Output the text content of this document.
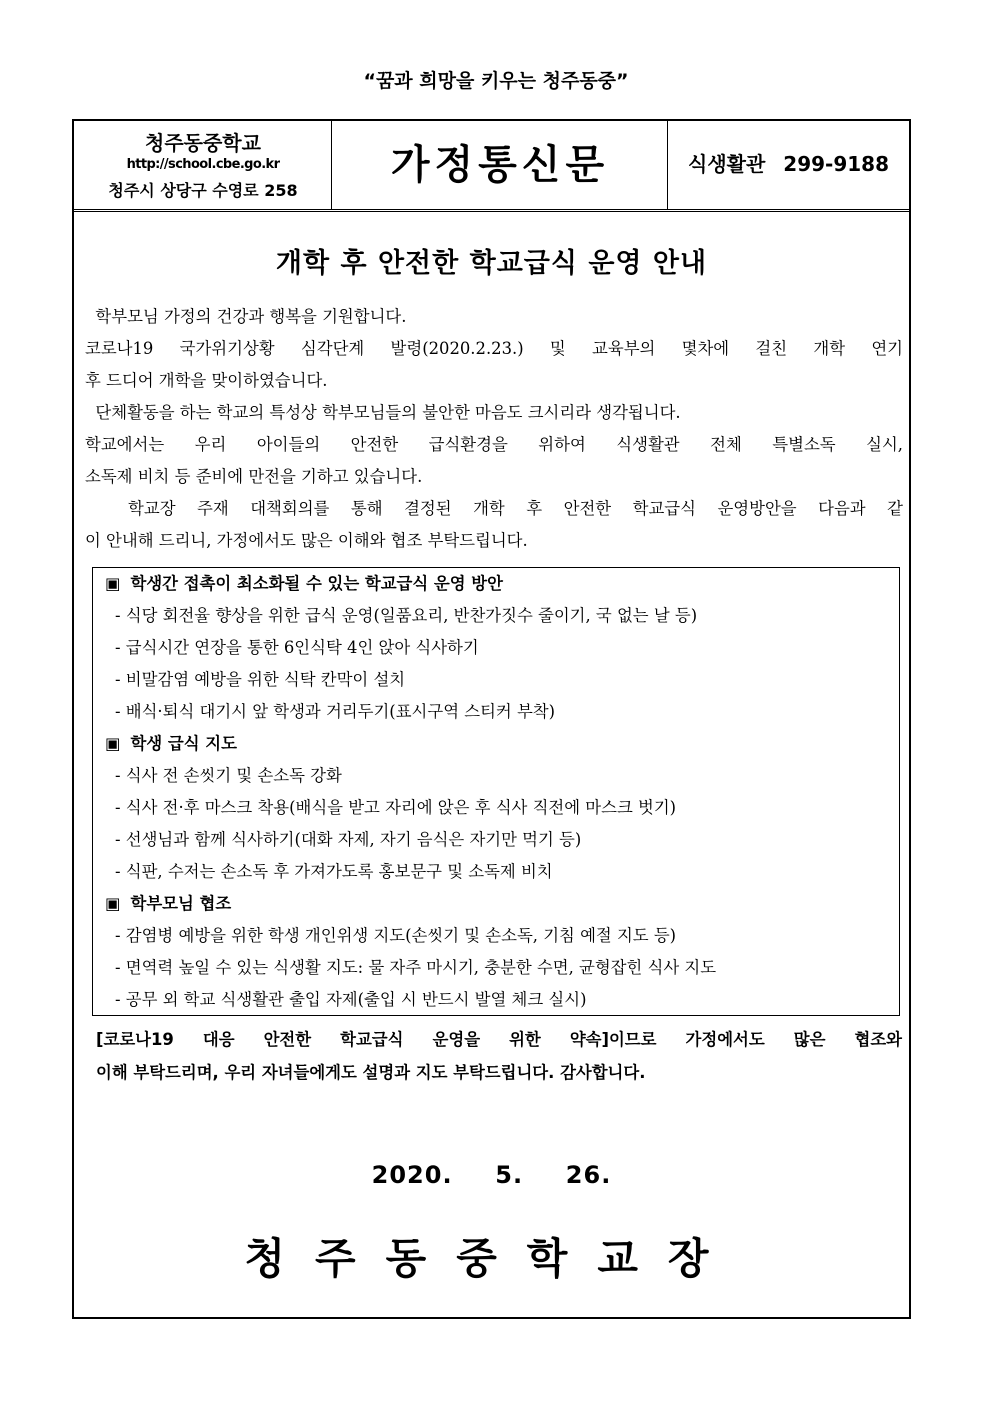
“꿈과 희망을 키우는 청주동중”
청주동중학교
http://school.cbe.go.kr
청주시 상당구 수영로 258
가정통신문	식생활관 299-9188
개학 후 안전한 학교급식 운영 안내
학부모님 가정의 건강과 행복을 기원합니다.
코로나19 국가위기상황 심각단계 발령(2020.2.23.) 및 교육부의 몇차에 걸친 개학 연기
후 드디어 개학을 맞이하였습니다.
단체활동을 하는 학교의 특성상 학부모님들의 불안한 마음도 크시리라 생각됩니다.
학교에서는 우리 아이들의 안전한 급식환경을 위하여 식생활관 전체 특별소독 실시,
소독제 비치 등 준비에 만전을 기하고 있습니다.
학교장 주재 대책회의를 통해 결정된 개학 후 안전한 학교급식 운영방안을 다음과 같
이 안내해 드리니, 가정에서도 많은 이해와 협조 부탁드립니다.
▣ 학생간 접촉이 최소화될 수 있는 학교급식 운영 방안
- 식당 회전율 향상을 위한 급식 운영(일품요리, 반찬가짓수 줄이기, 국 없는 날 등)
- 급식시간 연장을 통한 6인식탁 4인 앉아 식사하기
- 비말감염 예방을 위한 식탁 칸막이 설치
- 배식·퇴식 대기시 앞 학생과 거리두기(표시구역 스티커 부착)
▣ 학생 급식 지도
- 식사 전 손씻기 및 손소독 강화
- 식사 전·후 마스크 착용(배식을 받고 자리에 앉은 후 식사 직전에 마스크 벗기)
- 선생님과 함께 식사하기(대화 자제, 자기 음식은 자기만 먹기 등)
- 식판, 수저는 손소독 후 가져가도록 홍보문구 및 소독제 비치
▣ 학부모님 협조
- 감염병 예방을 위한 학생 개인위생 지도(손씻기 및 손소독, 기침 예절 지도 등)
- 면역력 높일 수 있는 식생활 지도: 물 자주 마시기, 충분한 수면, 균형잡힌 식사 지도
- 공무 외 학교 식생활관 출입 자제(출입 시 반드시 발열 체크 실시)
[코로나19 대응 안전한 학교급식 운영을 위한 약속]이므로 가정에서도 많은 협조와
이해 부탁드리며, 우리 자녀들에게도 설명과 지도 부탁드립니다. 감사합니다.
2020.  5.  26.
청주동중학교장
